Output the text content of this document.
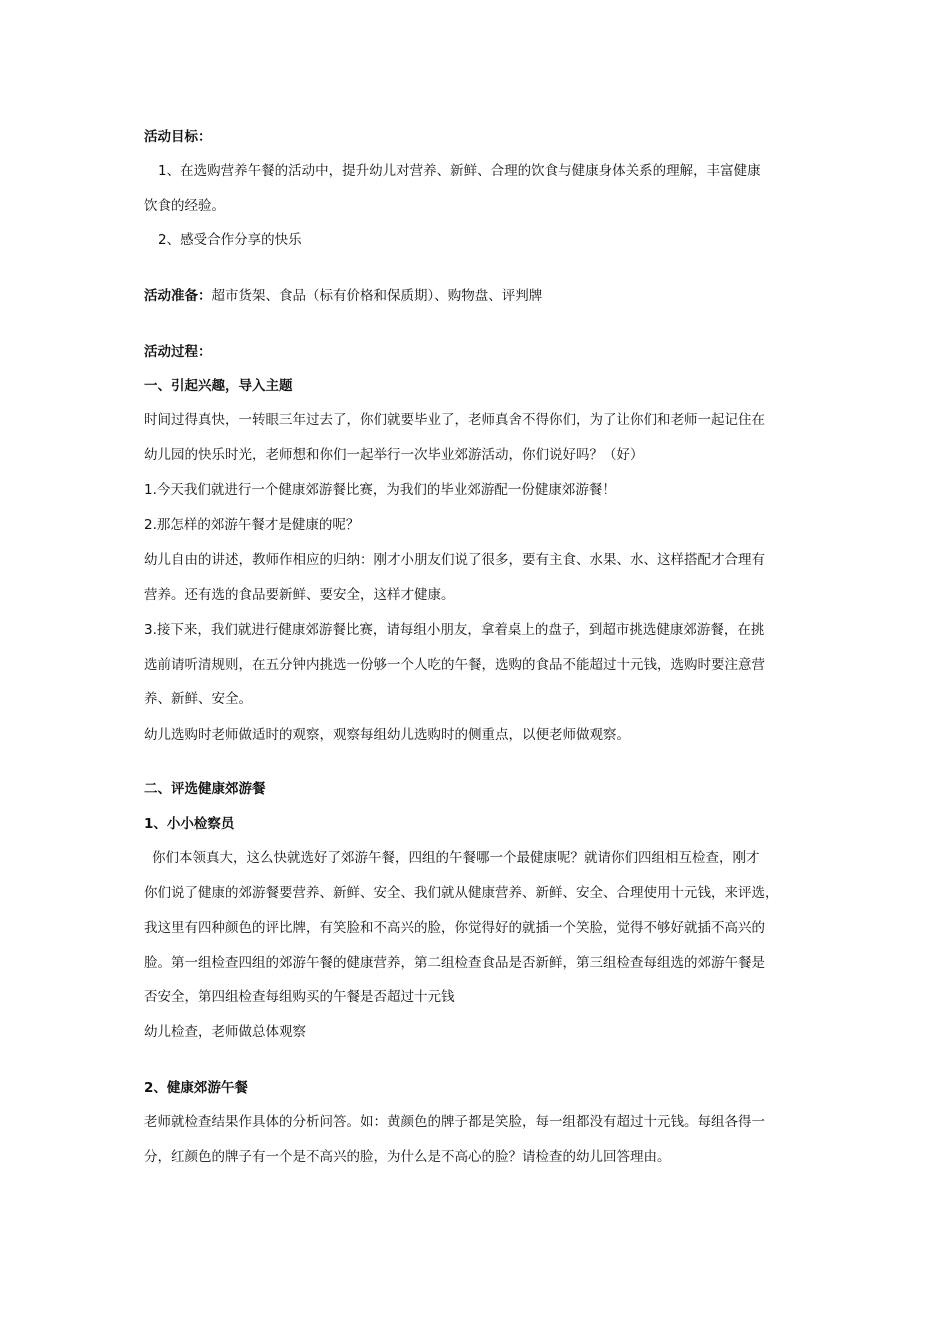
活动目标：
1、在选购营养午餐的活动中，提升幼儿对营养、新鲜、合理的饮食与健康身体关系的理解，丰富健康
饮食的经验。
2、感受合作分享的快乐
活动准备：超市货架、食品（标有价格和保质期）、购物盘、评判牌
活动过程：
一、引起兴趣，导入主题
时间过得真快，一转眼三年过去了，你们就要毕业了，老师真舍不得你们，为了让你们和老师一起记住在
幼儿园的快乐时光，老师想和你们一起举行一次毕业郊游活动，你们说好吗？（好）
1.今天我们就进行一个健康郊游餐比赛，为我们的毕业郊游配一份健康郊游餐！
2.那怎样的郊游午餐才是健康的呢？
幼儿自由的讲述，教师作相应的归纳：刚才小朋友们说了很多，要有主食、水果、水、这样搭配才合理有
营养。还有选的食品要新鲜、要安全，这样才健康。
3.接下来，我们就进行健康郊游餐比赛，请每组小朋友，拿着桌上的盘子，到超市挑选健康郊游餐，在挑
选前请听清规则，在五分钟内挑选一份够一个人吃的午餐，选购的食品不能超过十元钱，选购时要注意营
养、新鲜、安全。
幼儿选购时老师做适时的观察，观察每组幼儿选购时的侧重点，以便老师做观察。
二、评选健康郊游餐
1、小小检察员
你们本领真大，这么快就选好了郊游午餐，四组的午餐哪一个最健康呢？就请你们四组相互检查，刚才
你们说了健康的郊游餐要营养、新鲜、安全、我们就从健康营养、新鲜、安全、合理使用十元钱，来评选，
我这里有四种颜色的评比牌，有笑脸和不高兴的脸，你觉得好的就插一个笑脸，觉得不够好就插不高兴的
脸。第一组检查四组的郊游午餐的健康营养，第二组检查食品是否新鲜，第三组检查每组选的郊游午餐是
否安全，第四组检查每组购买的午餐是否超过十元钱
幼儿检查，老师做总体观察
2、健康郊游午餐
老师就检查结果作具体的分析问答。如：黄颜色的牌子都是笑脸，每一组都没有超过十元钱。每组各得一
分，红颜色的牌子有一个是不高兴的脸，为什么是不高心的脸？请检查的幼儿回答理由。
